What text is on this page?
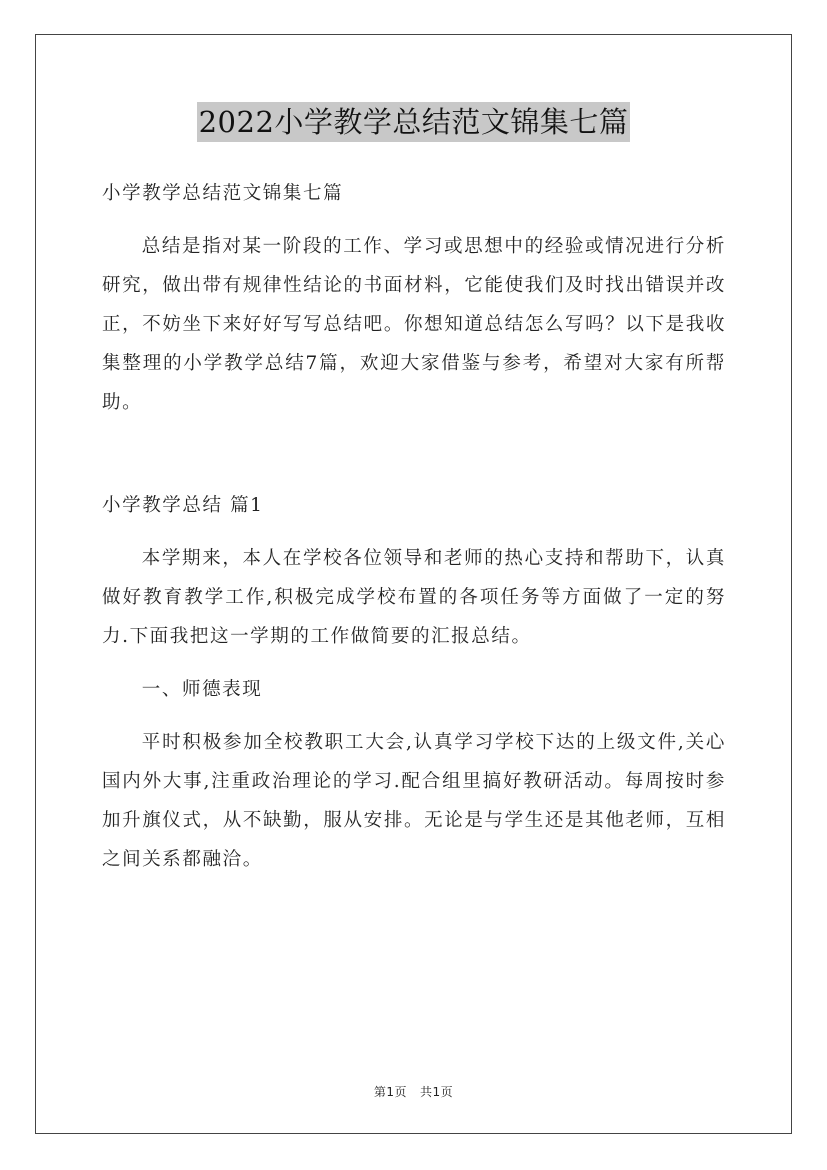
2022小学教学总结范文锦集七篇

小学教学总结范文锦集七篇

总结是指对某一阶段的工作、学习或思想中的经验或情况进行分析研究，做出带有规律性结论的书面材料，它能使我们及时找出错误并改正，不妨坐下来好好写写总结吧。你想知道总结怎么写吗？以下是我收集整理的小学教学总结7篇，欢迎大家借鉴与参考，希望对大家有所帮助。

小学教学总结 篇1

本学期来，本人在学校各位领导和老师的热心支持和帮助下，认真做好教育教学工作,积极完成学校布置的各项任务等方面做了一定的努力.下面我把这一学期的工作做简要的汇报总结。

一、师德表现

平时积极参加全校教职工大会,认真学习学校下达的上级文件,关心国内外大事,注重政治理论的学习.配合组里搞好教研活动。每周按时参加升旗仪式，从不缺勤，服从安排。无论是与学生还是其他老师，互相之间关系都融洽。

第1页 共1页
